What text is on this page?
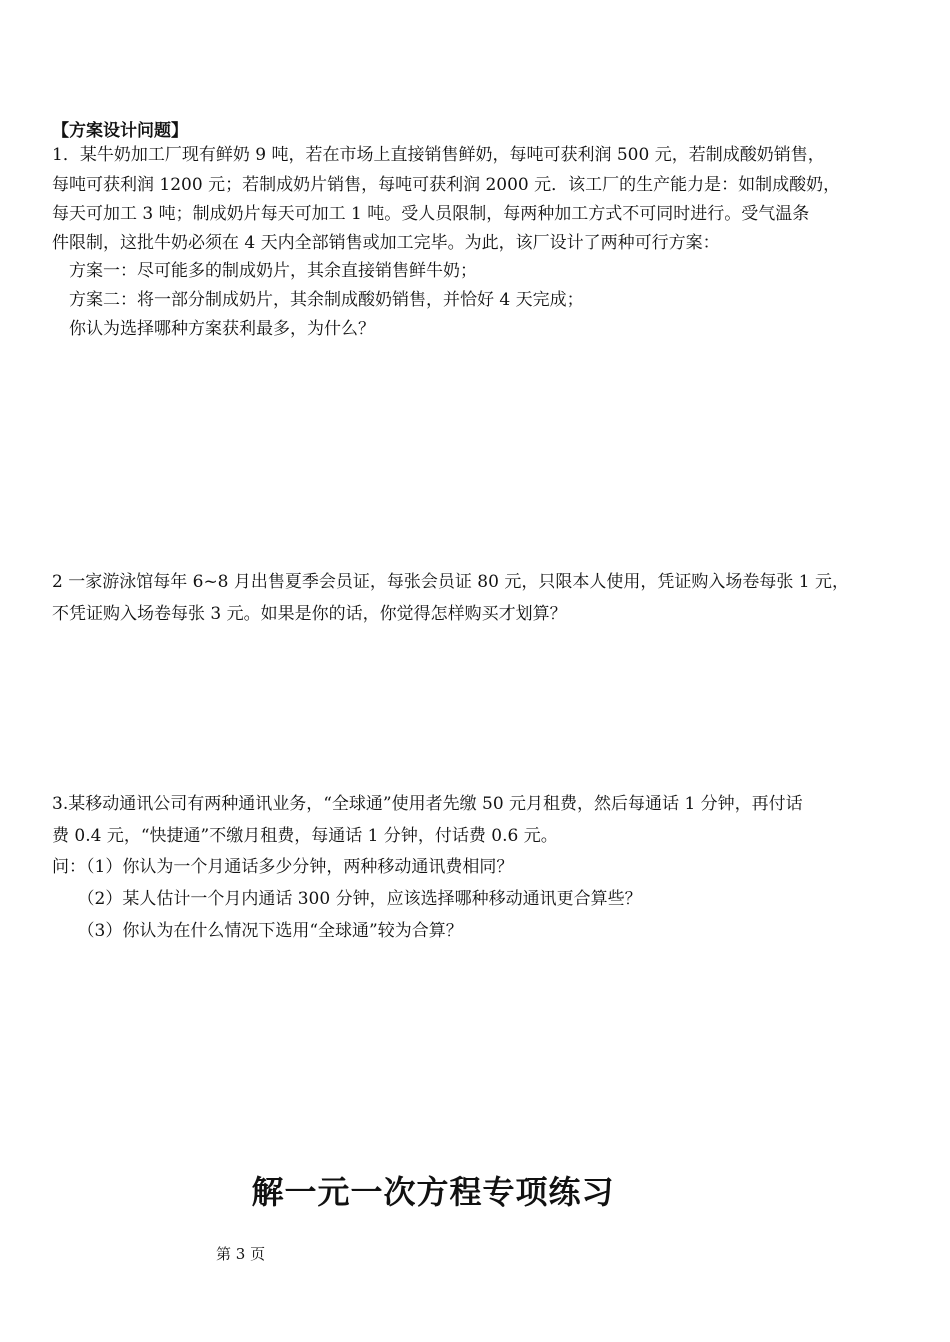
【方案设计问题】
1．某牛奶加工厂现有鲜奶 9 吨，若在市场上直接销售鲜奶，每吨可获利润 500 元，若制成酸奶销售，
每吨可获利润 1200 元；若制成奶片销售，每吨可获利润 2000 元．该工厂的生产能力是：如制成酸奶，
每天可加工 3 吨；制成奶片每天可加工 1 吨。受人员限制，每两种加工方式不可同时进行。受气温条
件限制，这批牛奶必须在 4 天内全部销售或加工完毕。为此，该厂设计了两种可行方案：
　方案一：尽可能多的制成奶片，其余直接销售鲜牛奶；
　方案二：将一部分制成奶片，其余制成酸奶销售，并恰好 4 天完成；
　你认为选择哪种方案获利最多，为什么？
2 一家游泳馆每年 6~8 月出售夏季会员证，每张会员证 80 元，只限本人使用，凭证购入场卷每张 1 元，
不凭证购入场卷每张 3 元。如果是你的话，你觉得怎样购买才划算？
3.某移动通讯公司有两种通讯业务，“全球通”使用者先缴 50 元月租费，然后每通话 1 分钟，再付话
费 0.4 元，“快捷通”不缴月租费，每通话 1 分钟，付话费 0.6 元。
问：（1）你认为一个月通话多少分钟，两种移动通讯费相同？
　　（2）某人估计一个月内通话 300 分钟，应该选择哪种移动通讯更合算些？
　　（3）你认为在什么情况下选用“全球通”较为合算？
解一元一次方程专项练习
第 3 页
